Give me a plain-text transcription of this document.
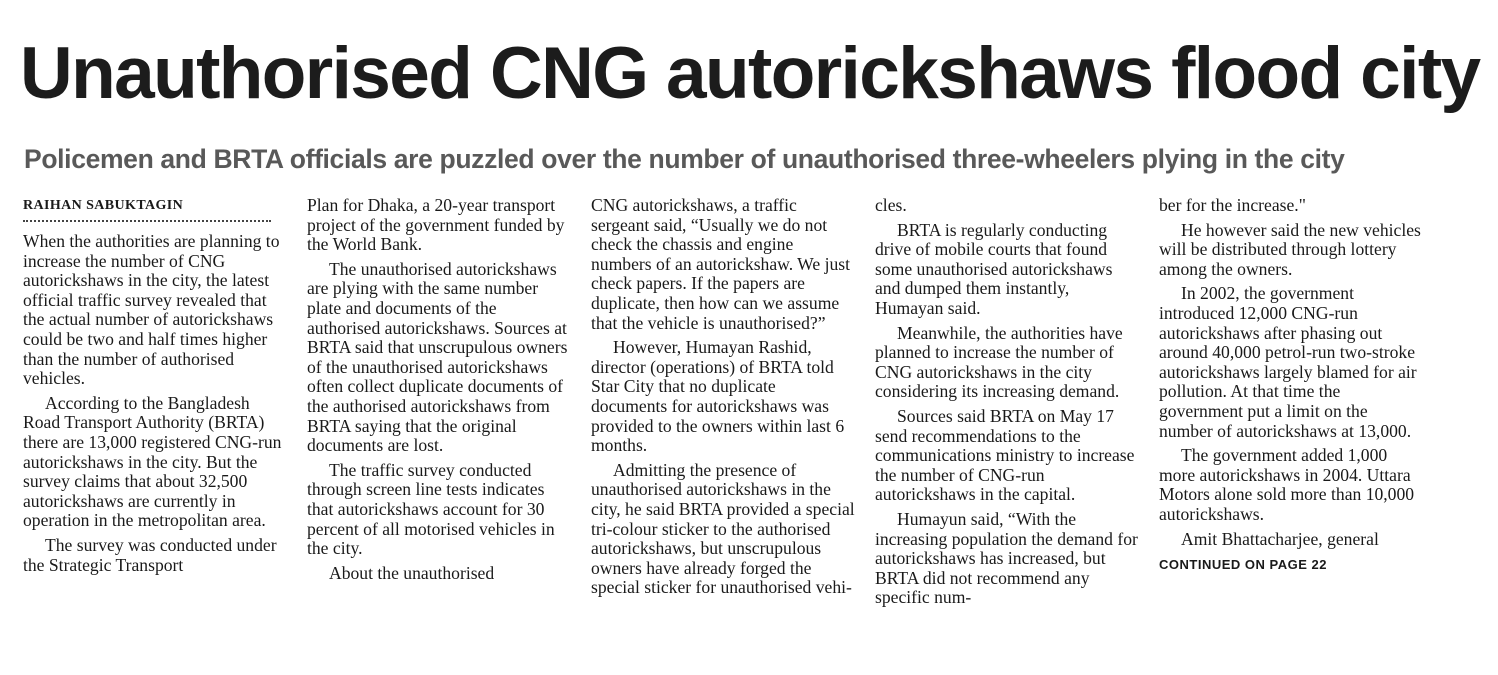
Unauthorised CNG autorickshaws flood city
Policemen and BRTA officials are puzzled over the number of unauthorised three-wheelers plying in the city
RAIHAN SABUKTAGIN

When the authorities are planning to increase the number of CNG autorickshaws in the city, the latest official traffic survey revealed that the actual number of autorickshaws could be two and half times higher than the number of authorised vehicles.

According to the Bangladesh Road Transport Authority (BRTA) there are 13,000 registered CNG-run autorickshaws in the city. But the survey claims that about 32,500 autorickshaws are currently in operation in the metropolitan area.

The survey was conducted under the Strategic Transport

Plan for Dhaka, a 20-year transport project of the government funded by the World Bank.

The unauthorised autorickshaws are plying with the same number plate and documents of the authorised autorickshaws. Sources at BRTA said that unscrupulous owners of the unauthorised autorickshaws often collect duplicate documents of the authorised autorickshaws from BRTA saying that the original documents are lost.

The traffic survey conducted through screen line tests indicates that autorickshaws account for 30 percent of all motorised vehicles in the city.

About the unauthorised

CNG autorickshaws, a traffic sergeant said, “Usually we do not check the chassis and engine numbers of an autorickshaw. We just check papers. If the papers are duplicate, then how can we assume that the vehicle is unauthorised?”

However, Humayan Rashid, director (operations) of BRTA told Star City that no duplicate documents for autorickshaws was provided to the owners within last 6 months.

Admitting the presence of unauthorised autorickshaws in the city, he said BRTA provided a special tri-colour sticker to the authorised autorickshaws, but unscrupulous owners have already forged the special sticker for unauthorised vehi-

cles.

BRTA is regularly conducting drive of mobile courts that found some unauthorised autorickshaws and dumped them instantly, Humayan said.

Meanwhile, the authorities have planned to increase the number of CNG autorickshaws in the city considering its increasing demand.

Sources said BRTA on May 17 send recommendations to the communications ministry to increase the number of CNG-run autorickshaws in the capital.

Humayun said, “With the increasing population the demand for autorickshaws has increased, but BRTA did not recommend any specific num-

ber for the increase."

He however said the new vehicles will be distributed through lottery among the owners.

In 2002, the government introduced 12,000 CNG-run autorickshaws after phasing out around 40,000 petrol-run two-stroke autorickshaws largely blamed for air pollution. At that time the government put a limit on the number of autorickshaws at 13,000.

The government added 1,000 more autorickshaws in 2004. Uttara Motors alone sold more than 10,000 autorickshaws.

Amit Bhattacharjee, general

CONTINUED ON PAGE 22
